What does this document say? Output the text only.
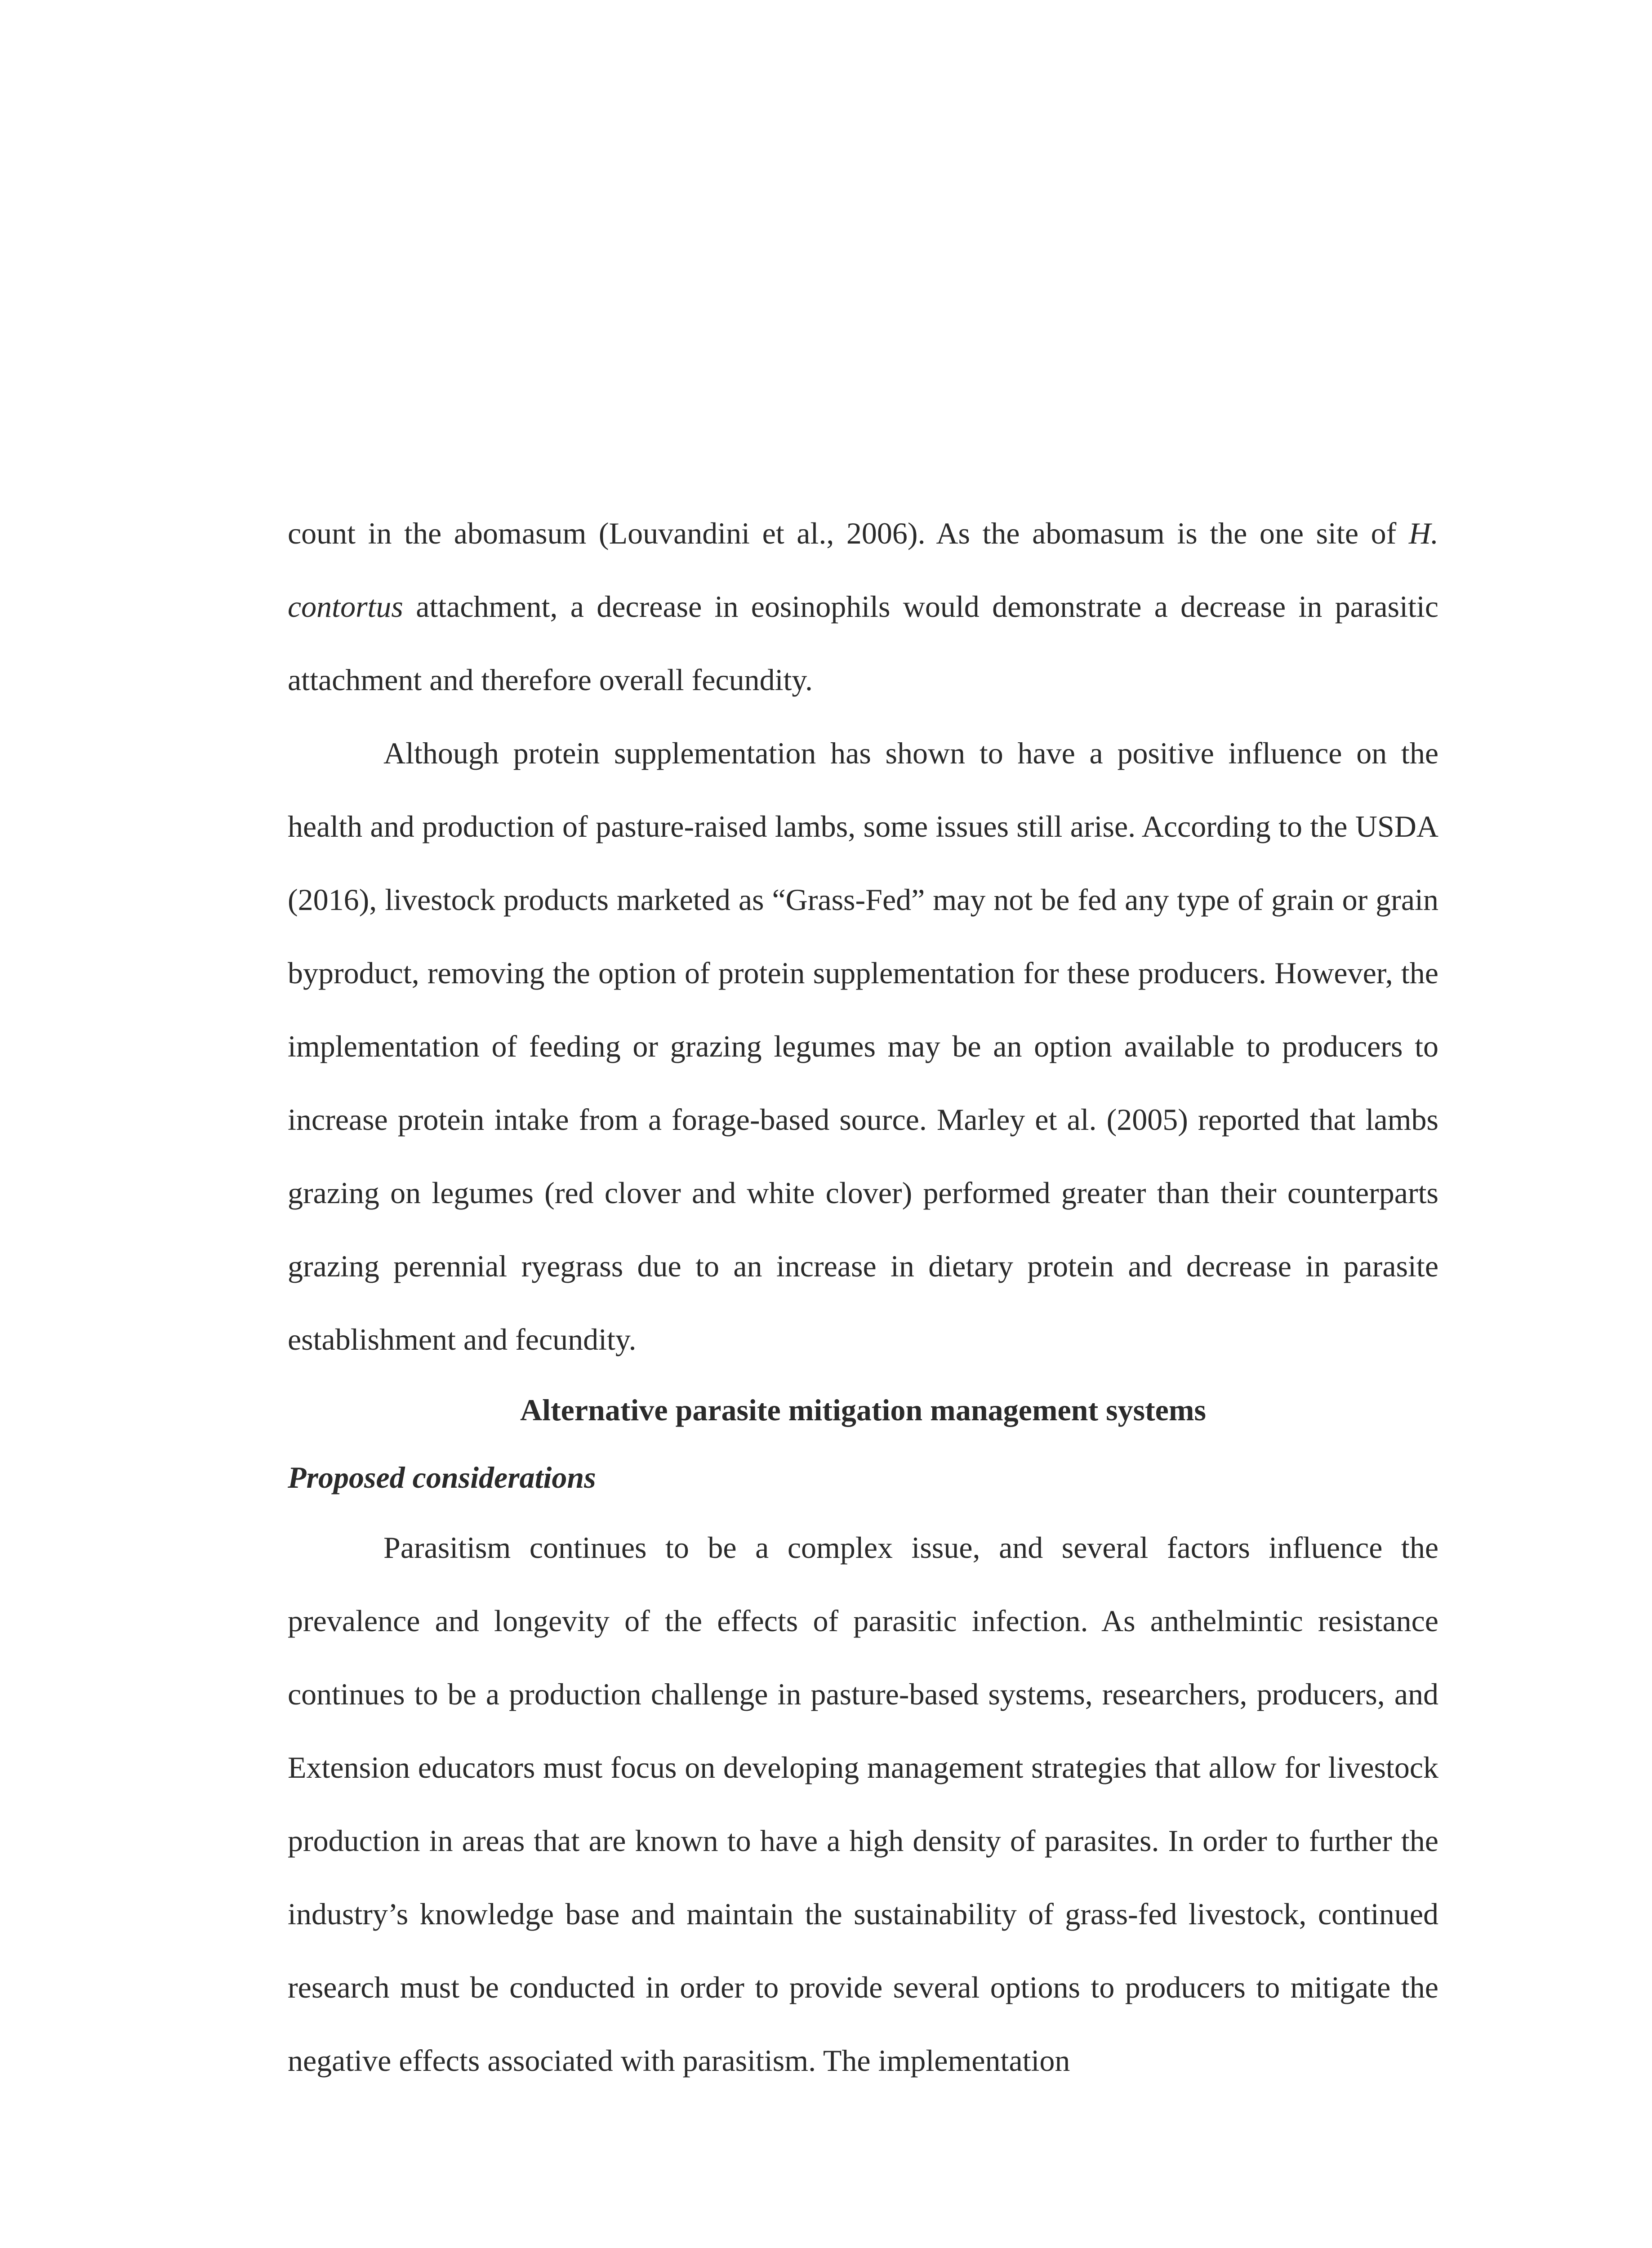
count in the abomasum (Louvandini et al., 2006). As the abomasum is the one site of H. contortus attachment, a decrease in eosinophils would demonstrate a decrease in parasitic attachment and therefore overall fecundity.

Although protein supplementation has shown to have a positive influence on the health and production of pasture-raised lambs, some issues still arise. According to the USDA (2016), livestock products marketed as “Grass-Fed” may not be fed any type of grain or grain byproduct, removing the option of protein supplementation for these producers. However, the implementation of feeding or grazing legumes may be an option available to producers to increase protein intake from a forage-based source. Marley et al. (2005) reported that lambs grazing on legumes (red clover and white clover) performed greater than their counterparts grazing perennial ryegrass due to an increase in dietary protein and decrease in parasite establishment and fecundity.

Alternative parasite mitigation management systems

Proposed considerations

Parasitism continues to be a complex issue, and several factors influence the prevalence and longevity of the effects of parasitic infection. As anthelmintic resistance continues to be a production challenge in pasture-based systems, researchers, producers, and Extension educators must focus on developing management strategies that allow for livestock production in areas that are known to have a high density of parasites. In order to further the industry’s knowledge base and maintain the sustainability of grass-fed livestock, continued research must be conducted in order to provide several options to producers to mitigate the negative effects associated with parasitism. The implementation
